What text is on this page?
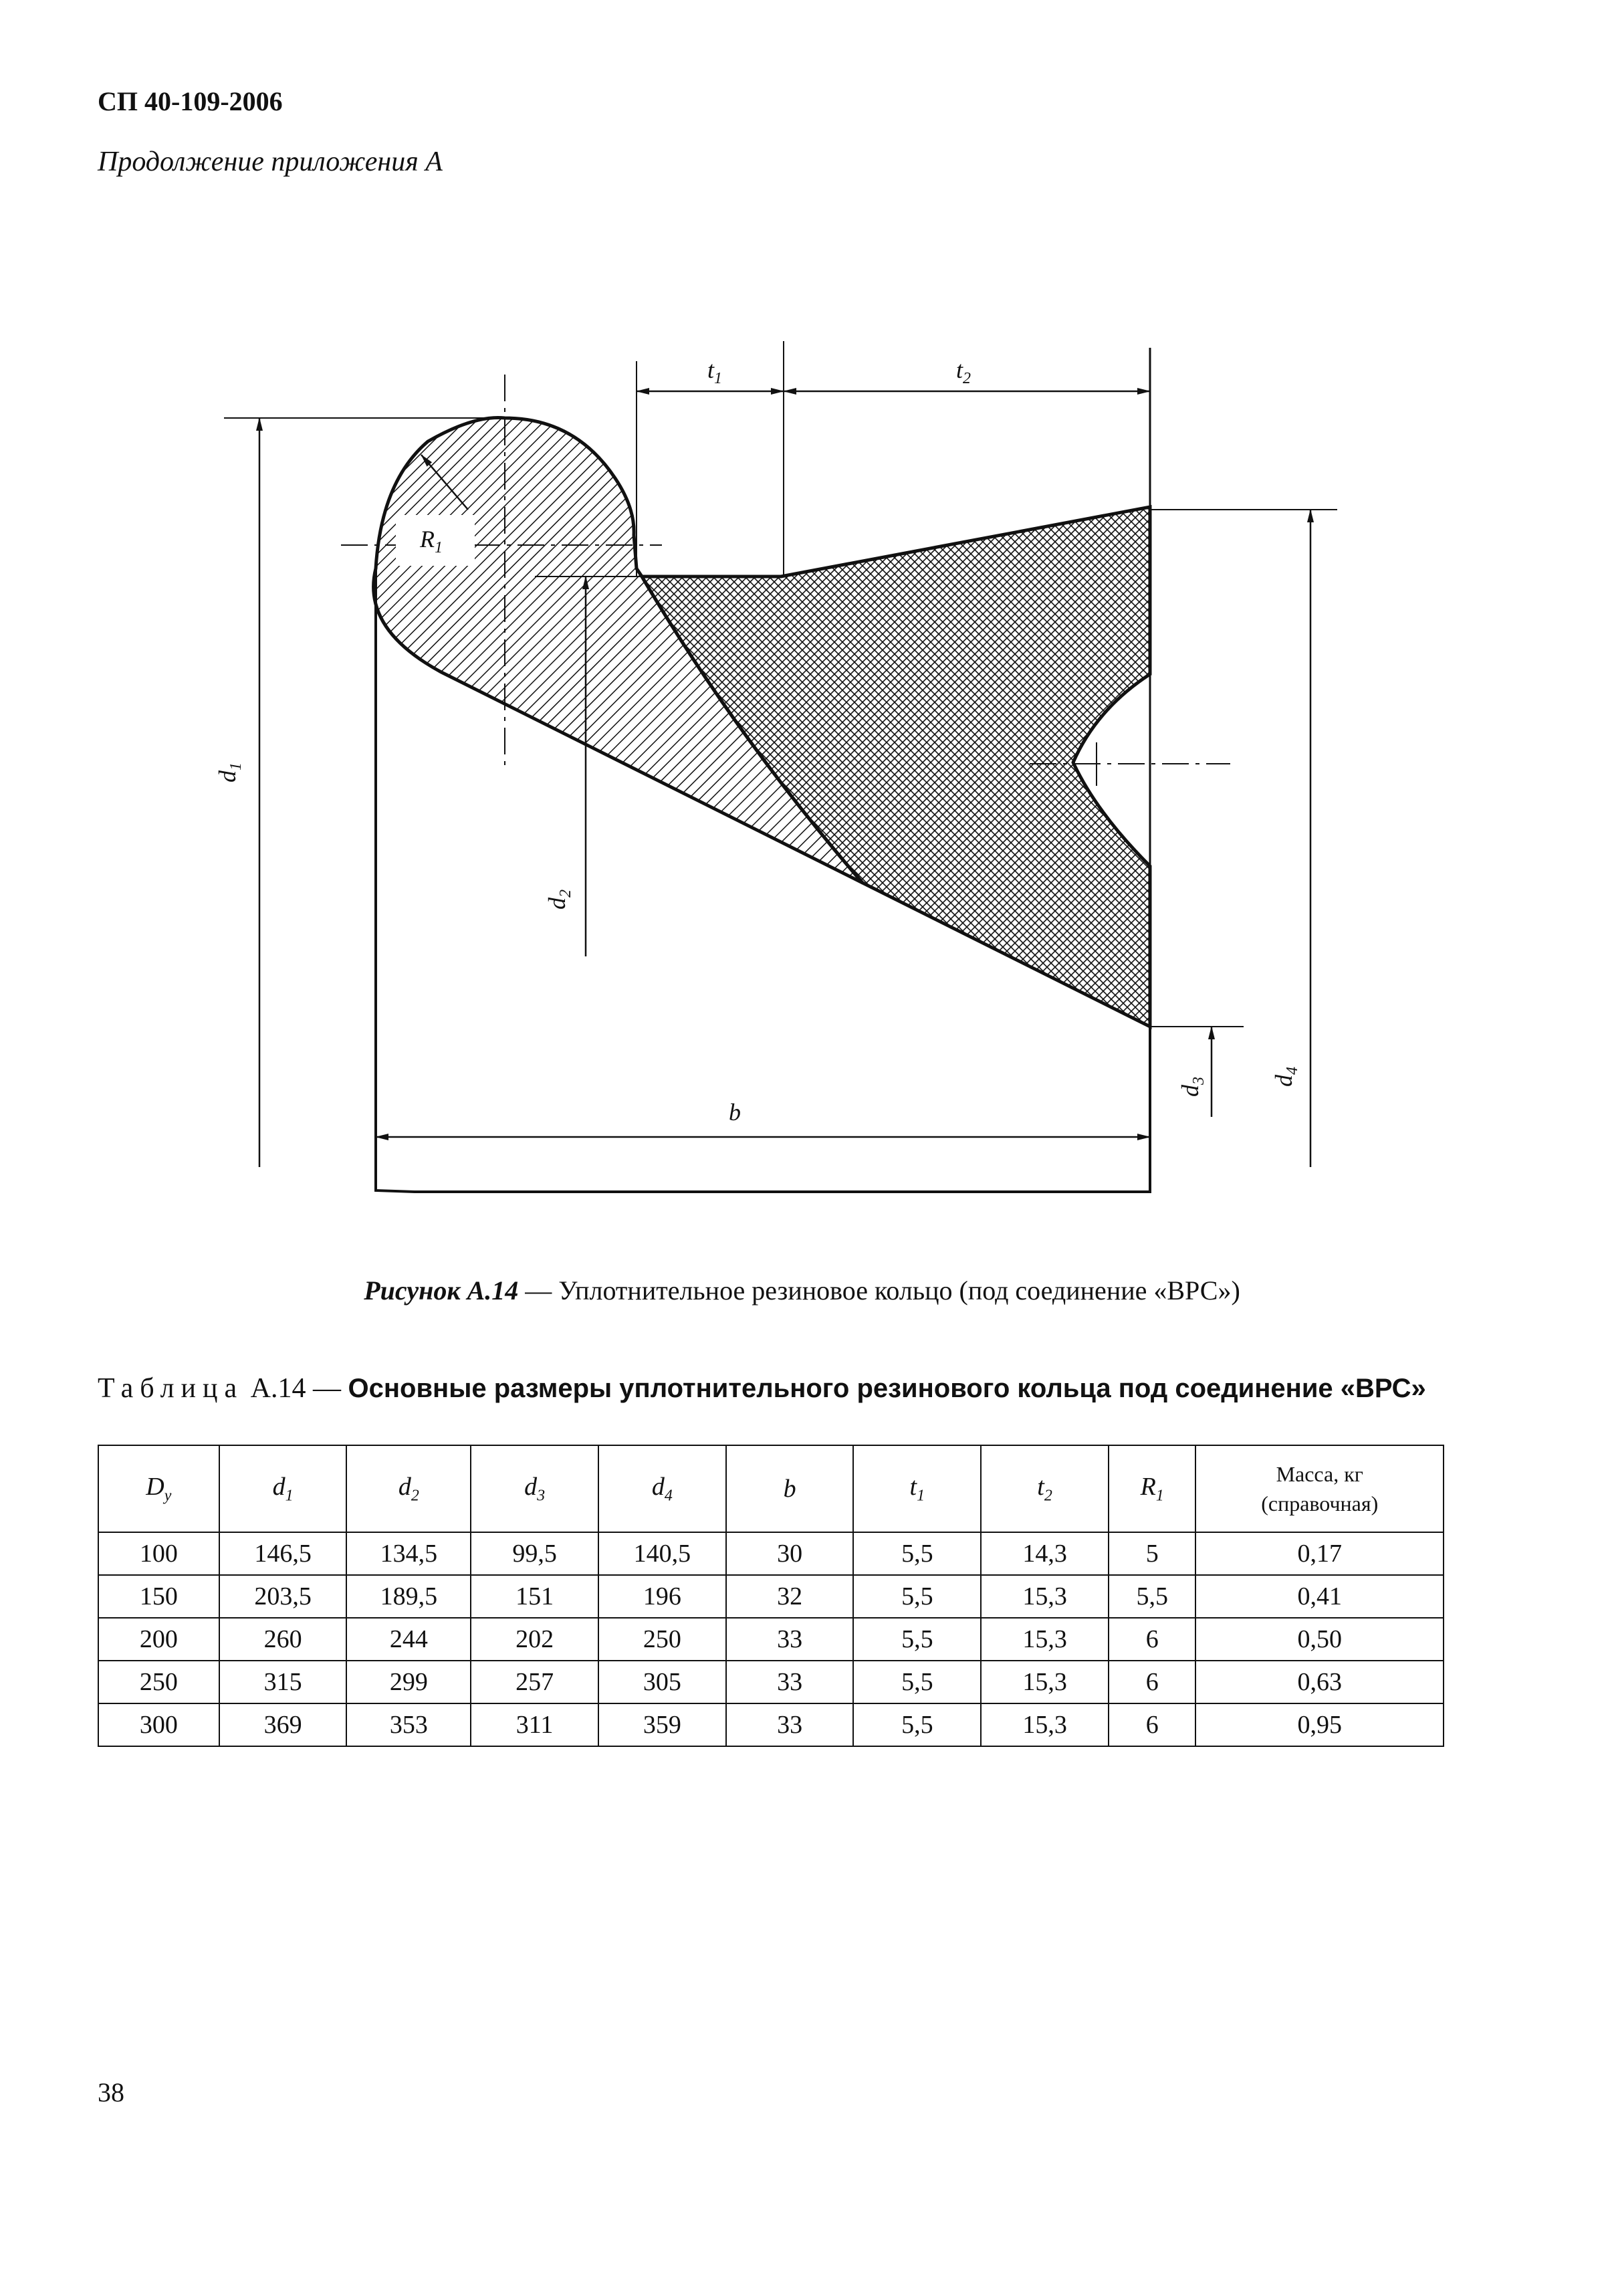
СП 40-109-2006
Продолжение приложения А
$t_1$	$t_2$
$R_1$
$d_1$
$d_2$
$d_3$	$d_4$
b
Рисунок А.14 — Уплотнительное резиновое кольцо (под соединение «ВРС»)
Таблица А.14 — Основные размеры уплотнительного резинового кольца под соединение «ВРС»
$D_у$	$d_1$	$d_2$	$d_3$	$d_4$	b	$t_1$	$t_2$	$R_1$	Масса, кг
(справочная)
100	146,5	134,5	99,5	140,5	30	5,5	14,3	5	0,17
150	203,5	189,5	151	196	32	5,5	15,3	5,5	0,41
200	260	244	202	250	33	5,5	15,3	6	0,50
250	315	299	257	305	33	5,5	15,3	6	0,63
300	369	353	311	359	33	5,5	15,3	6	0,95
38
